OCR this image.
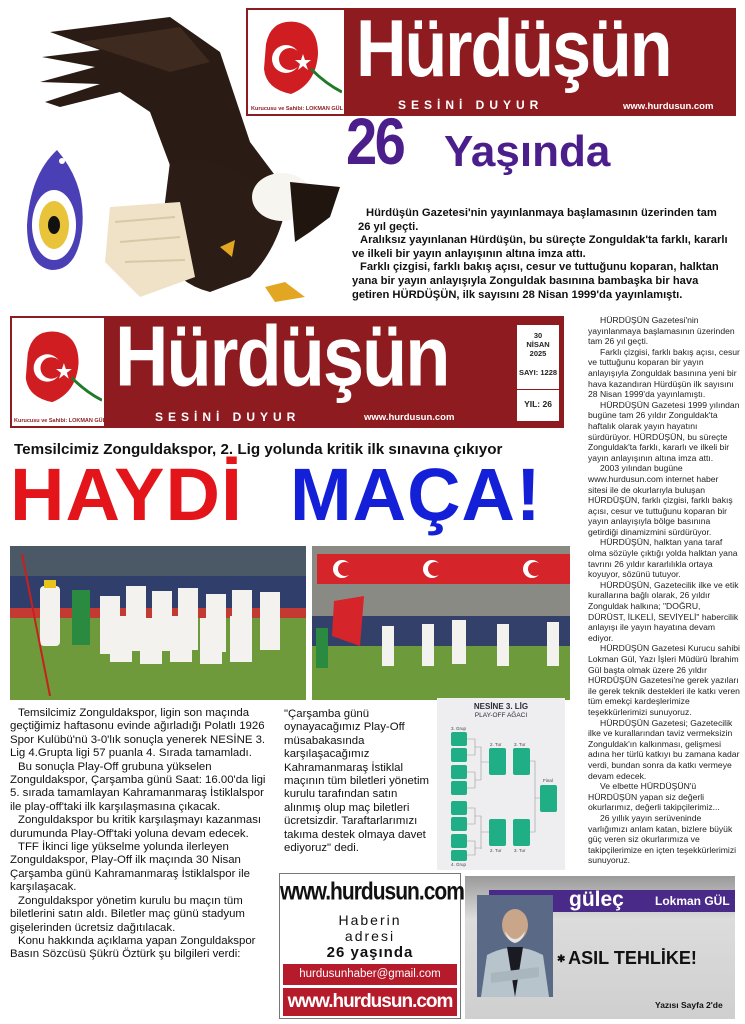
Kurucusu ve Sahibi: LOKMAN GÜL
Hürdüşün
SESİNİ DUYUR	www.hurdusun.com
26 Yaşında

Hürdüşün Gazetesi'nin yayınlanmaya başlamasının üzerinden tam 26 yıl geçti.

Aralıksız yayınlanan Hürdüşün, bu süreçte Zonguldak'ta farklı, kararlı ve ilkeli bir yayın anlayışının altına imza attı.

Farklı çizgisi, farklı bakış açısı, cesur ve tuttuğunu koparan, halktan yana bir yayın anlayışıyla Zonguldak basınına bambaşka bir hava getiren HÜRDÜŞÜN, ilk sayısını 28 Nisan 1999'da yayınlamıştı.

Kurucusu ve Sahibi: LOKMAN GÜL
Hürdüşün
SESİNİ DUYUR	www.hurdusun.com
30
NİSAN
2025
SAYI: 1228
YIL: 26
Temsilcimiz Zonguldakspor, 2. Lig yolunda kritik ilk sınavına çıkıyor
HAYDİ MAÇA!

Temsilcimiz Zonguldakspor, ligin son maçında geçtiğimiz haftasonu evinde ağırladığı Polatlı 1926 Spor Kulübü'nü 3-0'lık sonuçla yenerek NESİNE 3. Lig 4.Grupta ligi 57 puanla 4. Sırada tamamladı.

Bu sonuçla Play-Off grubuna yükselen Zonguldakspor, Çarşamba günü Saat: 16.00'da ligi 5. sırada tamamlayan Kahramanmaraş İstiklalspor ile play-off'taki ilk karşılaşmasına çıkacak.

Zonguldakspor bu kritik karşılaşmayı kazanması durumunda Play-Off'taki yoluna devam edecek.

TFF İkinci lige yükselme yolunda ilerleyen Zonguldakspor, Play-Off ilk maçında 30 Nisan Çarşamba günü Kahramanmaraş İstiklalspor ile karşılaşacak.

Zonguldakspor yönetim kurulu bu maçın tüm biletlerini satın aldı. Biletler maç günü stadyum gişelerinden ücretsiz dağıtılacak.

Konu hakkında açıklama yapan Zonguldakspor Basın Sözcüsü Şükrü Öztürk şu bilgileri verdi:

"Çarşamba günü oynayacağımız Play-Off müsabakasında karşılaşacağımız Kahramanmaraş İstiklal maçının tüm biletleri yönetim kurulu tarafından satın alınmış olup maç biletleri ücretsizdir. Taraftarlarımızı takıma destek olmaya davet ediyoruz" dedi.
NESİNE 3. LİG
PLAY-OFF AĞACI
3. Grup
4. Grup
2. Tur	3. Tur
2. Tur	3. Tur
Final

HÜRDÜŞÜN Gazetesi'nin yayınlanmaya başlamasının üzerinden tam 26 yıl geçti.

Farklı çizgisi, farklı bakış açısı, cesur ve tuttuğunu koparan bir yayın anlayışıyla Zonguldak basınına yeni bir hava kazandıran Hürdüşün ilk sayısını 28 Nisan 1999'da yayınlamıştı.

HÜRDÜŞÜN Gazetesi 1999 yılından bugüne tam 26 yıldır Zonguldak'ta haftalık olarak yayın hayatını sürdürüyor. HÜRDÜŞÜN, bu süreçte Zonguldak'ta farklı, kararlı ve ilkeli bir yayın anlayışının altına imza attı.

2003 yılından bugüne www.hurdusun.com internet haber sitesi ile de okurlarıyla buluşan HÜRDÜŞÜN, farklı çizgisi, farklı bakış açısı, cesur ve tuttuğunu koparan bir yayın anlayışıyla bölge basınına getirdiği dinamizmini sürdürüyor.

HÜRDÜŞÜN, halktan yana taraf olma sözüyle çıktığı yolda halktan yana tavrını 26 yıldır kararlılıkla ortaya koyuyor, sözünü tutuyor.

HÜRDÜŞÜN, Gazetecilik ilke ve etik kurallarına bağlı olarak, 26 yıldır Zonguldak halkına; "DOĞRU, DÜRÜST, İLKELİ, SEVİYELİ" habercilik anlayışı ile yayın hayatına devam ediyor.

HÜRDÜŞÜN Gazetesi Kurucu sahibi Lokman Gül, Yazı İşleri Müdürü İbrahim Gül başta olmak üzere 26 yıldır HÜRDÜŞÜN Gazetesi'ne gerek yazıları ile gerek teknik destekleri ile katkı veren tüm emekçi kardeşlerimize teşekkürlerimizi sunuyoruz.

HÜRDÜŞÜN Gazetesi; Gazetecilik ilke ve kurallarından taviz vermeksizin Zonguldak'ın kalkınması, gelişmesi adına her türlü katkıyı bu zamana kadar verdi, bundan sonra da katkı vermeye devam edecek.

Ve elbette HÜRDÜŞÜN'ü HÜRDÜŞÜN yapan siz değerli okurlarımız, değerli takipçilerimiz...

26 yıllık yayın serüveninde varlığımızı anlam katan, bizlere büyük güç veren siz okurlarımıza ve takipçilerimize en içten teşekkürlerimizi sunuyoruz.

www.hurdusun.com
Haberin
adresi
26 yaşında
hurdusunhaber@gmail.com
www.hurdusun.com
güleç	Lokman GÜL
✱ ASIL TEHLİKE!
Yazısı Sayfa 2'de
